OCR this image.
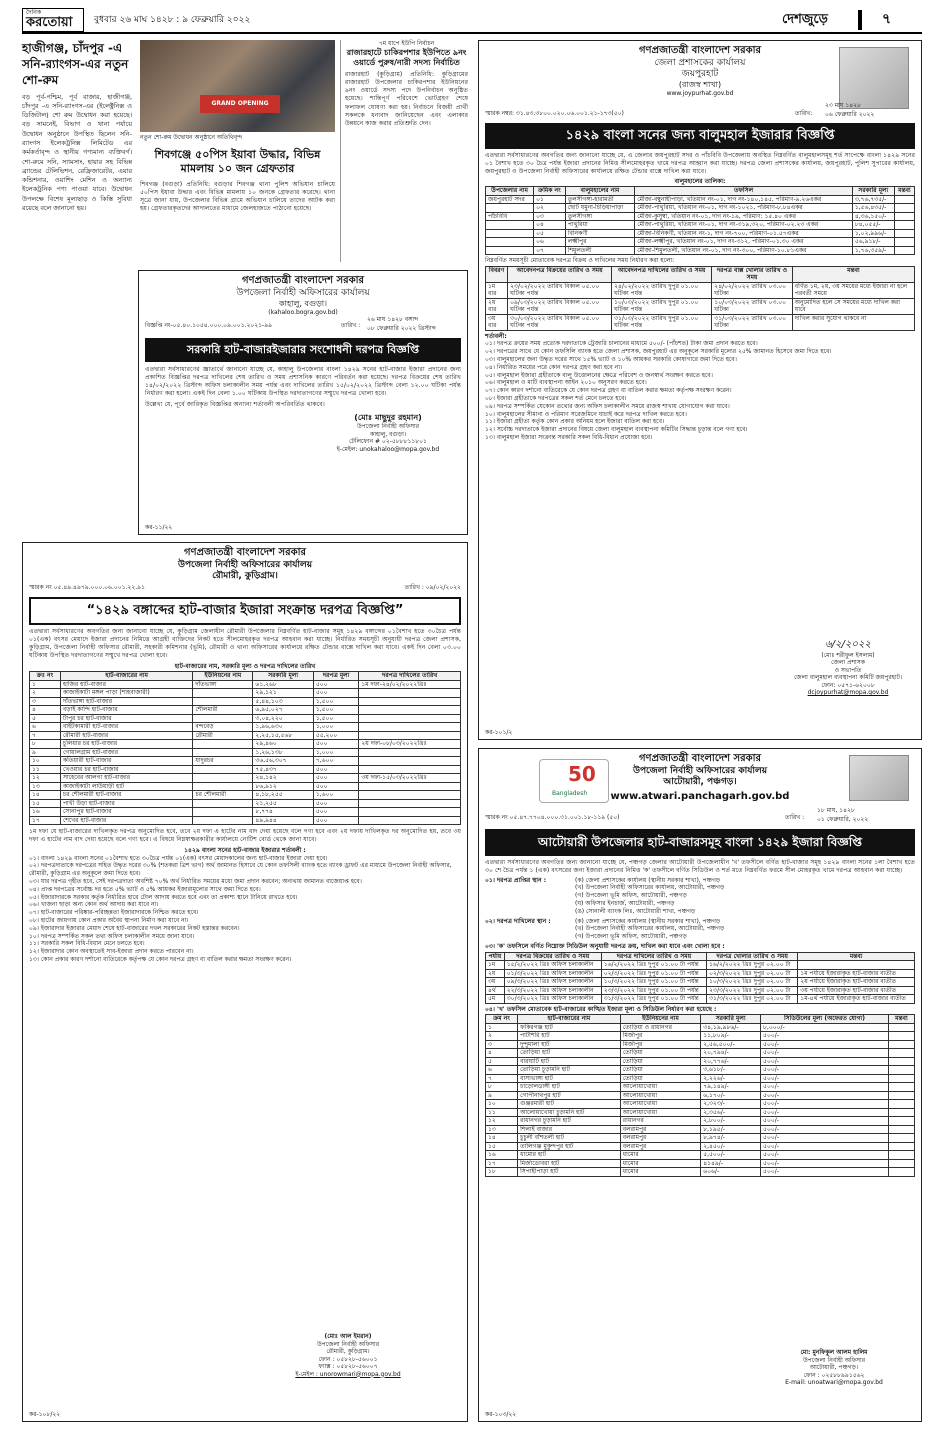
দৈনিক
করতোয়া বুধবার ২৬ মাঘ ১৪২৮ : ৯ ফেব্রুয়ারি ২০২২	দেশজুড়ে	৭
হাজীগঞ্জ, চাঁদপুর -এ সনি-র‍্যাংগস-এর নতুন শো-রুম
বড় পূর্ব-পশ্চিম, পূর্ব বাজার, হাজীগঞ্জ, চাঁদপুর -এ সনি-র‍্যাংগস-এর (ইলেক্ট্রনিক্স ও ডিজিটাল) শো রুম উদ্বোধন করা হয়েছে। বড় সামনেই, বিভাগ ও থানা পর্যায়ে উদ্বোধন অনুষ্ঠানে উপস্থিত ছিলেন সনি-র‍্যাংগস ইলেকট্রনিক্স লিমিটেড এর কর্মকর্তাবৃন্দ ও স্থানীয় গণ্যমান্য ব্যক্তিবর্গ। শো-রুমে সনি, স্যামসাং, হায়ার সহ বিভিন্ন ব্র্যান্ডের টেলিভিশন, রেফ্রিজারেটর, এয়ার কন্ডিশনার, ওয়াশিং মেশিন ও অন্যান্য ইলেকট্রনিক পণ্য পাওয়া যাবে। উদ্বোধন উপলক্ষে বিশেষ মূল্যছাড় ও কিস্তি সুবিধা রয়েছে বলে জানানো হয়।
GRAND OPENING
নতুন শো-রুম উদ্বোধন অনুষ্ঠানে অতিথিবৃন্দ
শিবগঞ্জে ৫০পিস ইয়াবা উদ্ধার, বিভিন্ন মামলায় ১০ জন গ্রেফতার
শিবগঞ্জ (বগুড়া) প্রতিনিধি: বগুড়ার শিবগঞ্জ থানা পুলিশ অভিযান চালিয়ে ৫০পিস ইয়াবা উদ্ধার এবং বিভিন্ন মামলায় ১০ জনকে গ্রেফতার করেছে। থানা সূত্রে জানা যায়, উপজেলার বিভিন্ন গ্রামে অভিযান চালিয়ে তাদের আটক করা হয়। গ্রেফতারকৃতদের আদালতের মাধ্যমে জেলহাজতে পাঠানো হয়েছে।
৭ম ধাপে ইউপি নির্বাচন
রাজারহাটে চাকিরপশার ইউপিতে ৯নং ওয়ার্ডে পুরুষ/নারী সদস্য নির্বাচিত
রাজারহাট (কুড়িগ্রাম) প্রতিনিধি: কুড়িগ্রামের রাজারহাট উপজেলার চাকিরপশার ইউনিয়নের ৯নং ওয়ার্ডে সদস্য পদে উপনির্বাচন অনুষ্ঠিত হয়েছে। শান্তিপূর্ণ পরিবেশে ভোটগ্রহণ শেষে ফলাফল ঘোষণা করা হয়। নির্বাচনে বিজয়ী প্রার্থী সকলকে ধন্যবাদ জানিয়েছেন এবং এলাকার উন্নয়নে কাজ করার প্রতিশ্রুতি দেন।
গণপ্রজাতন্ত্রী বাংলাদেশ সরকার
উপজেলা নির্বাহী অফিসারের কার্যালয়
কাহালু, বগুড়া।
(kahaloo.bogra.gov.bd)
বিজ্ঞপ্তি নং-০৫.৪০.১০৫৪.০০০.০৯.০০১.২০২১-৯৯	তারিখ :
২৬ মাঘ ১৪২৮ বঙ্গাব্দ
০৮ ফেব্রুয়ারি ২০২২ খ্রিস্টাব্দ
সরকারি হাট-বাজারইজারার সংশোধনী দরপত্র বিজ্ঞপ্তি
এতদ্বারা সর্বসাধারণের জ্ঞাতার্থে জানানো যাচ্ছে যে, কাহালু উপজেলার বাংলা ১৪২৯ সনের হাট-বাজার ইজারা প্রদানের জন্য প্রকাশিত বিজ্ঞপ্তির দরপত্র দাখিলের শেষ তারিখ ও সময় প্রশাসনিক কারণে পরিবর্তন করা হয়েছে। দরপত্র বিক্রয়ের শেষ তারিখ ১৪/০২/২০২২ খ্রিস্টাব্দ অফিস চলাকালীন সময় পর্যন্ত এবং দাখিলের তারিখ ১৫/০২/২০২২ খ্রিস্টাব্দ বেলা ১২.০০ ঘটিকা পর্যন্ত নির্ধারণ করা হলো। একই দিন বেলা ১.০০ ঘটিকায় উপস্থিত দরদাতাগণের সম্মুখে দরপত্র খোলা হবে।
উল্লেখ্য যে, পূর্বে জারিকৃত বিজ্ঞপ্তির অন্যান্য শর্তাবলী অপরিবর্তিত থাকবে।
(মোঃ মাছুদুর রহমান)
উপজেলা নির্বাহী অফিসার
কাহালু, বগুড়া।
টেলিফোন # ০২-৫৮৮৮১১৮০১
ই-মেইল: unokahaloo@mopa.gov.bd
কর-১১/২২
গণপ্রজাতন্ত্রী বাংলাদেশ সরকার
জেলা প্রশাসকের কার্যালয়
জয়পুরহাট
(রাজস্ব শাখা)
www.joypurhat.gov.bd
স্মারক নম্বর: ৩১.৪৩.৩৮০০.০২০.০৬.০০১.২১-১৭৩(৫০)	তারিখ:
২৩ মাঘ ১৪২৮
০৬ ফেব্রুয়ারি ২০২২
১৪২৯ বাংলা সনের জন্য বালুমহাল ইজারার বিজ্ঞপ্তি
এতদ্বারা সর্বসাধারণের অবগতির জন্য জানানো যাচ্ছে যে, এ জেলার জয়পুরহাট সদর ও পাঁচবিবি উপজেলায় অবস্থিত নিম্নবর্ণিত বালুমহালসমূহ শর্ত সাপেক্ষে বাংলা ১৪২৯ সনের ০১ বৈশাখ হতে ৩০ চৈত্র পর্যন্ত ইজারা প্রদানের নিমিত্ত সীলমোহরকৃত খামে দরপত্র আহ্বান করা যাচ্ছে। দরপত্র জেলা প্রশাসকের কার্যালয়, জয়পুরহাট, পুলিশ সুপারের কার্যালয়, জয়পুরহাট ও উপজেলা নির্বাহী অফিসারের কার্যালয়ে রক্ষিত টেন্ডার বাক্সে দাখিল করা যাবে।
বালুমহালের তালিকা:
উপজেলার নাম	ক্রমিক নং	বালুমহালের নাম	তফসিল	সরকারি মূল্য	মন্তব্য
জয়পুরহাট সদর	০১	তুলসীগঙ্গা-হারামতী	মৌজা-বম্বুনাহীপাড়া, খতিয়ান নং-০১, দাগ নং-১৪০,১৪৫, পরিমাণ-৯.২৬একর	৩,৭৬,৭৩৫/-	
	০২	ছোট যমুনা-চিড়িয়াপাড়া	মৌজা-পাথুরিয়া, খতিয়ান নং-০১, দাগ নং-১০২১, পরিমাণ-৮.৮৪একর	১,৫৬,৪৩৫/-	
পাঁচবিবি	০৩	তুলসীগঙ্গা	মৌজা-কুসুম্বা, খতিয়ান নং-০১, দাগ নং-১৯, পরিমাণ: ১৫.৪০ একর	৪,৩৬,১৫০/-	
	০৪	পাথুরিয়া	মৌজা-পাথুরিয়া, খতিয়ান নং-০১, দাগ নং-৩১৯,৩২০, পরিমাণ-০২.২৩ একর	৮৪,০৫৫/-	
	০৫	বিনিকর্ণী	মৌজা-বিনিকর্ণী, খতিয়ান নং-১, দাগ নং-৭০০, পরিমাণ-০১.৫৭একর	১,০২,৯৯৬/-	
	০৬	লক্ষ্মীপুর	মৌজা-লক্ষ্মীপুর, খতিয়ান নং-০১, দাগ নং-৩১২, পরিমাণ-০১.৩০ একর	৫৬,৯১৮/-	
	০৭	শিমুলতলী	মৌজা-শিমুলতলী, খতিয়ান নং-০১, দাগ নং-৩০০, পরিমাণ-১০.৮১একর	১,৭৬,৩৫৯/-	
নিম্নবর্ণিত সময়সূচী মোতাবেক দরপত্র বিক্রয় ও দাখিলের সময় নির্ধারণ করা হলো:
বিবরণ	আবেদনপত্র বিক্রয়ের তারিখ ও সময়	আবেদনপত্র দাখিলের তারিখ ও সময়	দরপত্র বাক্স খোলার তারিখ ও সময়	মন্তব্য
১ম বার	২৩/০২/২০২২ তারিখ বিকাল ০৫.০০ ঘটিকা পর্যন্ত	২৪/০২/২০২২ তারিখ দুপুর ০১.০০ ঘটিকা পর্যন্ত	২৪/০২/২০২২ তারিখ ০৩.০০ ঘটিকা	বর্ণিত ১ম, ২য়, ৩য় সময়ের মধ্যে ইজারা না হলে পরবর্তী সময়ে
২য় বার	০৯/০৩/২০২২ তারিখ বিকাল ০৫.০০ ঘটিকা পর্যন্ত	১০/০৩/২০২২ তারিখ দুপুর ০১.০০ ঘটিকা পর্যন্ত	১০/০৩/২০২২ তারিখ ০৩.০০ ঘটিকা	অনুমোদিত হলে সে সময়ের মধ্যে দাখিল করা যাবে
৩য় বার	৩০/০৩/২০২২ তারিখ বিকাল ০৫.০০ ঘটিকা পর্যন্ত	৩১/০৩/২০২২ তারিখ দুপুর ০১.০০ ঘটিকা পর্যন্ত	৩১/০৩/২০২২ তারিখ ০৩.০০ ঘটিকা	দাখিল করার সুযোগ থাকবে না
শর্তাবলী:
০১। দরপত্র ক্রয়ের সময় প্রত্যেক দরদাতাকে ট্রেজারি চালানের মাধ্যমে ৫০০/- (পাঁচশত) টাকা জমা প্রদান করতে হবে।
০২। দরপত্রের সাথে যে কোন তফসিলি ব্যাংক হতে জেলা প্রশাসক, জয়পুরহাট এর অনুকূলে সরকারি মূল্যের ২৫% জামানত হিসেবে জমা দিতে হবে।
০৩। বালুমহালের জন্য উদ্ধৃত দরের সাথে ১৫% ভ্যাট ও ১০% আয়কর সরকারি কোষাগারে জমা দিতে হবে।
০৪। নির্ধারিত সময়ের পরে কোন দরপত্র গ্রহণ করা হবে না।
০৫। বালুমহাল ইজারা গ্রহীতাকে বালু উত্তোলনের ক্ষেত্রে পরিবেশ ও জনস্বার্থ সংরক্ষণ করতে হবে।
০৬। বালুমহাল ও মাটি ব্যবস্থাপনা আইন ২০১০ অনুসরণ করতে হবে।
০৭। কোন কারণ দর্শানো ব্যতিরেকে যে কোন দরপত্র গ্রহণ বা বাতিল করার ক্ষমতা কর্তৃপক্ষ সংরক্ষণ করেন।
০৮। ইজারা গ্রহীতাকে দরপত্রের সকল শর্ত মেনে চলতে হবে।
০৯। দরপত্র সম্পর্কিত যেকোন তথ্যের জন্য অফিস চলাকালীন সময়ে রাজস্ব শাখায় যোগাযোগ করা যাবে।
১০। বালুমহালের সীমানা ও পরিমাণ সরেজমিনে যাচাই করে দরপত্র দাখিল করতে হবে।
১১। ইজারা গ্রহীতা কর্তৃক কোন প্রকার অনিয়ম হলে ইজারা বাতিল করা হবে।
১২। সর্বোচ্চ দরদাতাকে ইজারা প্রদানের বিষয়ে জেলা বালুমহাল ব্যবস্থাপনা কমিটির সিদ্ধান্ত চূড়ান্ত বলে গণ্য হবে।
১৩। বালুমহাল ইজারা সংক্রান্ত সরকারি সকল বিধি-বিধান প্রযোজ্য হবে।
৬/২/২০২২
(মোঃ শরীফুল ইসলাম)
জেলা প্রশাসক
ও সভাপতি
জেলা বালুমহাল ব্যবস্থাপনা কমিটি জয়পুরহাট।
ফোন: ০৫৭১-৬২০০৮
dcjoypurhat@mopa.gov.bd
কর-১০১/২
গণপ্রজাতন্ত্রী বাংলাদেশ সরকার
উপজেলা নির্বাহী অফিসারের কার্যালয়
রৌমারী, কুড়িগ্রাম।
স্মারক নং ০৫.৪৯.৪৯৭৯.০০০.০৬.০০১.২২.৯১	তারিখ : ০৯/০২/২০২২
“১৪২৯ বঙ্গাব্দের হাট-বাজার ইজারা সংক্রান্ত দরপত্র বিজ্ঞপ্তি”
এতদ্বারা সর্বসাধারণের অবগতির জন্য জানানো যাচ্ছে যে, কুড়িগ্রাম জেলাধীন রৌমারী উপজেলার নিম্নবর্ণিত হাট-বাজার সমূহ ১৪২৯ বঙ্গাব্দের ০১বৈশাখ হতে ৩০চৈত্র পর্যন্ত ০১(এক) বৎসর মেয়াদে ইজারা প্রদানের নিমিত্তে আগ্রহী ব্যক্তিদের নিকট হতে সীলমোহরকৃত দরপত্র আহবান করা যাচ্ছে। নির্ধারিত সময়সূচী অনুযায়ী দরপত্র জেলা প্রশাসক, কুড়িগ্রাম, উপজেলা নির্বাহী অফিসার রৌমারী, সহকারী কমিশনার (ভূমি), রৌমারী ও থানা অফিসারের কার্যালয়ে রক্ষিত টেন্ডার বাক্সে দাখিল করা যাবে। একই দিন বেলা ০৩.০০ ঘটিকায় উপস্থিত দরদাতাগণের সম্মুখে দরপত্র খোলা হবে।
হাট-বাজারের নাম, সরকারি মূল্য ও দরপত্র দাখিলের তারিখ
ক্রঃ নং	হাট-বাজারের নাম	ইউনিয়নের নাম	সরকারি মূল্য	দরপত্র মূল্য	দরপত্র দাখিলের তারিখ
১	হাজির হাট-বাজার	দাঁতভাঙ্গা	৬১,২৬৮	৫০০	১ম দফা-২৪/০২/২০২২খ্রিঃ
২	কাজাইকাটা মঙ্গল পাড়া (শাহবাজারী)		২৯,১২১	৫০০	
৩	দাঁতভাঙ্গা হাট-বাজার		৫,৪৪,১০৩	১,৫০০	
৪	বড়াই কান্দি হাট-বাজার	শৌলমারী	৬,৯৫,০২৭	১,৫০০	
৫	টাপুর চর হাট-বাজার		৩,০৪,২২০	১,৫০০	
৬	বাইটকামারী হাট-বাজার	বন্দবেড়	১,৯৬,৬৩০	১,০০০	
৭	রৌমারী হাট-বাজার	রৌমারী	২,২৫,১৫,৫৬৮	৫৫,২০০	
৮	চুলিয়ার চর হাট-বাজার		২৯,৪৬০	৫০০	২য় দফা-০৮/০৩/২০২২খ্রিঃ
৯	গোয়ালগ্রাম হাট-বাজার		১,২৬,১৩৮	১,০০০	
১০	কতিয়ারী হাট-বাজার	যাদুরচর	৩৬,৫৬,৩০৭	৭,৬০০	
১১	খেওয়ার চর হাট-বাজার		৭৫,৪৩৭	৫০০	
১২	সাহেবের আলগা হাট-বাজার		২৪,১৪২	৫০০	৩য় দফা-১৫/০৩/২০২২খ্রিঃ
১৩	কাজাইকাটা লাউয়াড়ী হাট		৮৬,৯১২	৫০০	
১৪	চর শৌলমারী হাট-বাজার	চর শৌলমারী	৪,১৮,২৫৫	১,৬০০	
১৫	পাখী উড়া হাট-বাজার		২১,২৫৫	৫০০	
১৬	সোনাপুর হাট-বাজার		৮,৭৭৪	৫০০	
১৭	শেখের হাট-বাজার		৪৯,৯৪৪	৫০০	
১ম দফা যে হাট-বাজারের দাখিলকৃত দরপত্র অনুমোদিত হবে, তবে ২য় দফা এ হাটের নাম বাদ দেয়া হয়েছে বলে গণ্য হবে এবং ২য় দফায় দাখিলকৃত দর অনুমোদিত হয়, তবে ৩য় দফা এ হাটের নাম বাদ দেয়া হয়েছে বলে গণ্য হবে। এ বিষয়ে নিম্নস্বাক্ষরকারীর কার্যালয়ে নোটিশ বোর্ড থেকে জানা যাবে।
১৪২৯ বাংলা সনের হাট-বাজার ইজারার শর্তাবলী :
০১। বাংলা ১৪২৯ বাংলা সনের ০১বৈশাখ হতে ৩০চৈত্র পর্যন্ত ০১(এক) বৎসর মেয়াদকালের জন্য হাট-বাজার ইজারা দেয়া হবে।
০২। দরপত্রদাতাকে দরপত্রের সহিত উদ্ধৃত দরের ৩০% (শতকরা ত্রিশ ভাগ) অর্থ জামানত হিসাবে যে কোন তফসিলী ব্যাংক হতে ব্যাংক ড্রাফট এর মাধ্যমে উপজেলা নির্বাহী অফিসার, রৌমারী, কুড়িগ্রাম এর অনুকূলে জমা দিতে হবে।
০৩। যার দরপত্র গৃহীত হবে, সেই দরপত্রদাতা অবশিষ্ট ৭০% অর্থ নির্ধারিত সময়ের মধ্যে জমা প্রদান করবেন; অন্যথায় জামানত বাজেয়াপ্ত হবে।
০৪। প্রাপ্ত দরপত্রের সর্বোচ্চ দর হতে ৫% ভ্যাট ও ৫% আয়কর ইজারামূল্যের সাথে জমা দিতে হবে।
০৫। ইজারাদারকে সরকার কর্তৃক নির্ধারিত হারে টোল আদায় করতে হবে এবং তা প্রকাশ্য স্থানে টানিয়ে রাখতে হবে।
০৬। খাজনা ছাড়া অন্য কোন অর্থ আদায় করা যাবে না।
০৭। হাট-বাজারের পরিষ্কার-পরিচ্ছন্নতা ইজারাদারকে নিশ্চিত করতে হবে।
০৮। হাটের জায়গায় কোন প্রকার অবৈধ স্থাপনা নির্মাণ করা যাবে না।
০৯। ইজারাদার ইজারার মেয়াদ শেষে হাট-বাজারের দখল সরকারের নিকট হস্তান্তর করবেন।
১০। দরপত্র সম্পর্কিত সকল তথ্য অফিস চলাকালীন সময়ে জানা যাবে।
১১। সরকারি সকল বিধি-বিধান মেনে চলতে হবে।
১২। ইজারাদার কোন অবস্থাতেই সাব-ইজারা প্রদান করতে পারবেন না।
১৩। কোন প্রকার কারণ দর্শানো ব্যতিরেকে কর্তৃপক্ষ যে কোন দরপত্র গ্রহণ বা বাতিল করার ক্ষমতা সংরক্ষণ করেন।
(মোঃ আল ইমরান)
উপজেলা নির্বাহী অফিসার
রৌমারী, কুড়িগ্রাম।
ফোন : ০৫৮২৮-৫৬০০১
ফ্যাক্স : ০৫৮২৮-৫৬০০৭
ই-মেইল : unorowmari@mopa.gov.bd
কর-১০৮/২২
50
Bangladesh
গণপ্রজাতন্ত্রী বাংলাদেশ সরকার
উপজেলা নির্বাহী অফিসারের কার্যালয়
আটোয়ারী, পঞ্চগড়।
www.atwari.panchagarh.gov.bd
স্মারক নং ০৫.৪৭.৭৭০৪.০০০.৩১.০০১.১৮-১১৯ (৫০)	তারিখ :
১৮ মাঘ, ১৪২৮
০১ ফেব্রুয়ারি, ২০২২
আটোয়ারী উপজেলার হাট-বাজারসমূহ বাংলা ১৪২৯ ইজারা বিজ্ঞপ্তি
এতদ্বারা সর্বসাধারণের অবগতির জন্য জানানো যাচ্ছে যে, পঞ্চগড় জেলার আটোয়ারী উপজেলাধীন 'খ' তফসীলে বর্ণিত হাট-বাজার সমূহ ১৪২৯ বাংলা সনের ১লা বৈশাখ হতে ৩০ শে চৈত্র পর্যন্ত ১ (এক) বৎসরের জন্য ইজারা প্রদানের নিমিত্ত 'ক' তফসীলে বর্ণিত সিডিউল ও শর্ত মতে নিম্নবর্ণিত ফরমে সীল মোহরকৃত খামে দরপত্র আহবান করা যাচ্ছে।
০১। দরপত্র প্রাপ্তির স্থান :	(ক) জেলা প্রশাসকের কার্যালয় (স্থানীয় সরকার শাখা), পঞ্চগড়
(খ) উপজেলা নির্বাহী অফিসারের কার্যালয়, আটোয়ারী, পঞ্চগড়
(গ) উপজেলা ভূমি অফিস, আটোয়ারী, পঞ্চগড়
(ঘ) অফিসার ইনচার্জ, আটোয়ারী, পঞ্চগড়
(ঙ) সোনালী ব্যাংক লিঃ, আটোয়ারী শাখা, পঞ্চগড়
০২। দরপত্র দাখিলের স্থান :	(ক) জেলা প্রশাসকের কার্যালয় (স্থানীয় সরকার শাখা), পঞ্চগড়
(খ) উপজেলা নির্বাহী অফিসারের কার্যালয়, আটোয়ারী, পঞ্চগড়
(গ) উপজেলা ভূমি অফিস, আটোয়ারী, পঞ্চগড়
০৩। 'ক' তফসিলে বর্ণিত নিম্নোক্ত সিডিউল অনুযায়ী দরপত্র ক্রয়, দাখিল করা যাবে এবং খোলা হবে :
পর্যায়	দরপত্র বিক্রয়ের তারিখ ও সময়	দরপত্র দাখিলের তারিখ ও সময়	দরপত্র খোলার তারিখ ও সময়	মন্তব্য
১ম	১৫/২/২০২২ খ্রিঃ অফিস চলাকালীন	১৬/২/২০২২ খ্রিঃ দুপুর ০১.০০ টা পর্যন্ত	১৬/২/২০২২ খ্রিঃ দুপুর ০২.০০ টা	
২য়	০১/৩/২০২২ খ্রিঃ অফিস চলাকালীন	০২/৩/২০২২ খ্রিঃ দুপুর ০১.০০ টা পর্যন্ত	০২/৩/২০২২ খ্রিঃ দুপুর ০২.০০ টা	১ম পর্যায়ে ইজারাকৃত হাট-বাজার ব্যতীত
৩য়	০৯/৩/২০২২ খ্রিঃ অফিস চলাকালীন	১০/৩/২০২২ খ্রিঃ দুপুর ০১.০০ টা পর্যন্ত	১০/৩/২০২২ খ্রিঃ দুপুর ০২.০০ টা	২য় পর্যায়ে ইজারাকৃত হাট-বাজার ব্যতীত
৪র্থ	২২/৩/২০২২ খ্রিঃ অফিস চলাকালীন	২৩/৩/২০২২ খ্রিঃ দুপুর ০১.০০ টা পর্যন্ত	২৩/৩/২০২২ খ্রিঃ দুপুর ০২.০০ টা	৩য় পর্যায়ে ইজারাকৃত হাট-বাজার ব্যতীত
৫ম	৩০/৩/২০২২ খ্রিঃ অফিস চলাকালীন	৩১/৩/২০২২ খ্রিঃ দুপুর ০১.০০ টা পর্যন্ত	৩১/৩/২০২২ খ্রিঃ দুপুর ০২.০০ টা	১ম-৪র্থ পর্যায়ে ইজারাকৃত হাট-বাজার ব্যতীত
০৪। 'খ' তফসিল মোতাবেক হাট-বাজারের কাঙ্খিত ইজারা মূল্য ও সিডিউল নির্ধারণ করা হয়েছে :
ক্রম নং	হাট-বাজারের নাম	ইউনিয়নের নাম	সরকারি মূল্য	সিডিউলের মূল্য (অফেরত যোগ্য)	মন্তব্য
১	ফকিরগঞ্জ হাট	তোড়িয়া ও রাধানগর	৩৪,১৯,৯৮৬/-	৮,০০০/-	
২	পাটশিরি হাট	মির্জাপুর	১১,৮০৯/-	৫০০/-	
৩	দুন্দুমালা হাট	মির্জাপুর	২,৫৬,৫০০/-	৫০০/-	
৪	তোড়িয়া হাট	তোড়িয়া	২০,৭৯৪/-	৫০০/-	
৫	বারঘাটি হাট	তোড়িয়া	২০,৭৭৬/-	৫০০/-	
৬	তোড়িয়া চুড়ামনি হাট	তোড়িয়া	৩,৬১৮/-	৫০০/-	
৭	বাসাভাঙ্গা হাট	তোড়িয়া	২,২২৬/-	৫০০/-	
৮	চাড়োলডাঙ্গী হাট	আলোয়াখোয়া	৭৯,১৪৯/-	৫০০/-	
৯	গোপীনাথপুর হাট	আলোয়াখোয়া	৬,১৭০/-	৫০০/-	
১০	গুঞ্জরমারী হাট	আলোয়াখোয়া	২,৩২৩/-	৫০০/-	
১১	আলোয়াখোয়া চুড়ামনি হাট	আলোয়াখোয়া	২,৩৫৬/-	৫০০/-	
১২	রাধানগর চুড়ামনি হাট	রাধানগর	২,৮০০/-	৫০০/-	
১৩	শিলাই বাজার	বলরামপুর	৮,১৯৫/-	৫০০/-	
১৪	চুচুলী বাঁশতলী হাট	বলরামপুর	৮,৯৭৪/-	৫০০/-	
১৫	তালিগঞ্জ মুকুন্দপুর হাট	বলরামপুর	২,৪৫০/-	৫০০/-	
১৬	ধামোর হাট	ধামোর	৫,৫০০/-	৫০০/-	
১৭	মির্জাডোবরা হাট	ধামোর	৪১৪৯/-	৫০০/-	
১৮	সিপাহীপাড়া হাট	ধামোর	৬০৬/-	৫০০/-	
মো: মুনফিকুল আলম হালিম
উপজেলা নির্বাহী অফিসার
আটোয়ারী, পঞ্চগড়।
ফোন : ০২৫৮৮৯৯১৫৬২
E-mail: unoatwari@mopa.gov.bd
কর-১০৩/২২
